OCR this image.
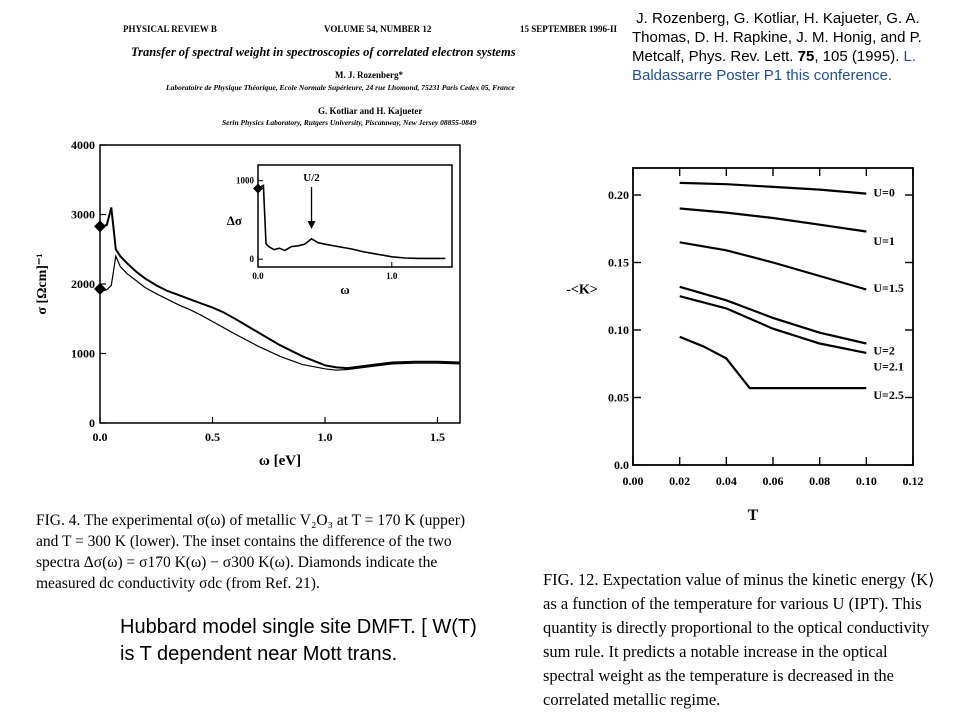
PHYSICAL REVIEW B	VOLUME 54, NUMBER 12	15 SEPTEMBER 1996-II
Transfer of spectral weight in spectroscopies of correlated electron systems
M. J. Rozenberg*
Laboratoire de Physique Théorique, Ecole Normale Supérieure, 24 rue Lhomond, 75231 Paris Cedex 05, France
G. Kotliar and H. Kajueter
Serin Physics Laboratory, Rutgers University, Piscataway, New Jersey 08855-0849
J. Rozenberg, G. Kotliar, H. Kajueter, G. A. Thomas, D. H. Rapkine, J. M. Honig, and P. Metcalf, Phys. Rev. Lett. 75, 105 (1995). L. Baldassarre Poster P1 this conference.
0
1000
2000
3000
4000
0.0	0.5	1.0	1.5
ω [eV]
σ [Ωcm]⁻¹	0
1000
0.0	1.0
ω
Δσ
U/2
0.0
0.05
0.10
0.15
0.20
0.00 0.02 0.04 0.06 0.08 0.10 0.12
T
-<K>
U=0
U=1
U=1.5
U=2
U=2.1
U=2.5
FIG. 4. The experimental σ(ω) of metallic V₂O₃ at T = 170 K (upper) and T = 300 K (lower). The inset contains the difference of the two spectra Δσ(ω) = σ170 K(ω) − σ300 K(ω). Diamonds indicate the measured dc conductivity σdc (from Ref. 21).	FIG. 12. Expectation value of minus the kinetic energy ⟨K⟩ as a function of the temperature for various U (IPT). This quantity is directly proportional to the optical conductivity sum rule. It predicts a notable increase in the optical spectral weight as the temperature is decreased in the correlated metallic regime.
Hubbard model single site DMFT. [ W(T) is T dependent near Mott trans.
